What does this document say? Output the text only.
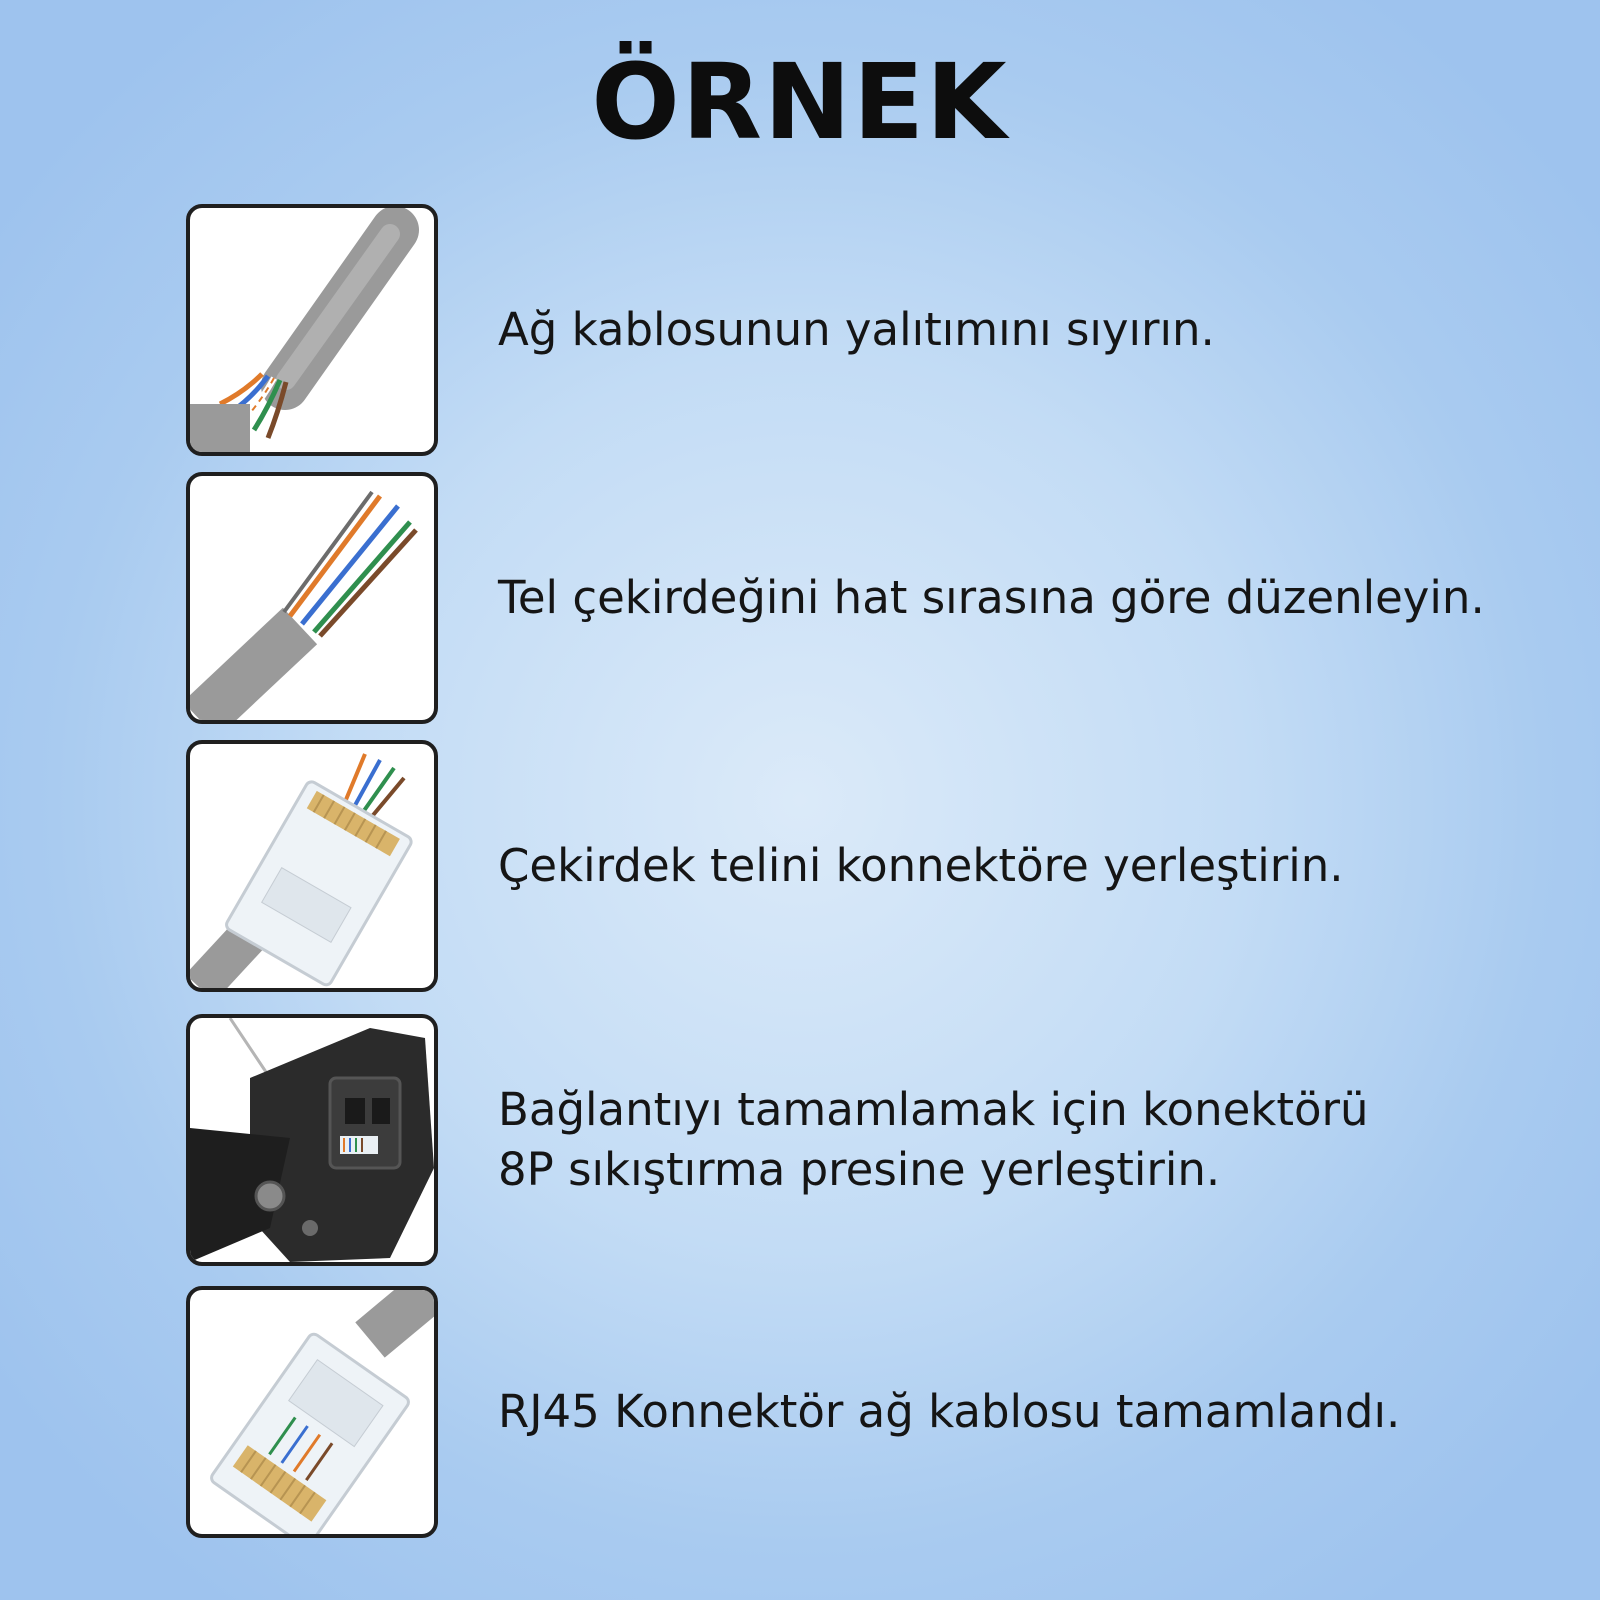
ÖRNEK
Ağ kablosunun yalıtımını sıyırın.
Tel çekirdeğini hat sırasına göre düzenleyin.
Çekirdek telini konnektöre yerleştirin.
Bağlantıyı tamamlamak için konektörü
8P sıkıştırma presine yerleştirin.
RJ45 Konnektör ağ kablosu tamamlandı.
